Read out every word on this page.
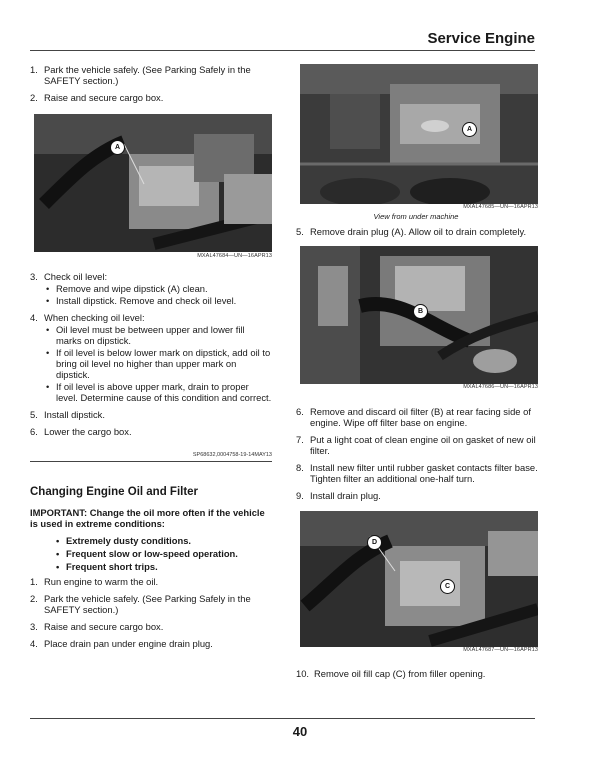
Service Engine
1. Park the vehicle safely. (See Parking Safely in the SAFETY section.)
2. Raise and secure cargo box.
A
MXAL47684—UN—16APR13
3. Check oil level:
• Remove and wipe dipstick (A) clean.
• Install dipstick. Remove and check oil level.
4. When checking oil level:
• Oil level must be between upper and lower fill marks on dipstick.
• If oil level is below lower mark on dipstick, add oil to bring oil level no higher than upper mark on dipstick.
• If oil level is above upper mark, drain to proper level. Determine cause of this condition and correct.
5. Install dipstick.
6. Lower the cargo box.
SP68632,0004758-19-14MAY13
Changing Engine Oil and Filter
IMPORTANT: Change the oil more often if the vehicle is used in extreme conditions:
• Extremely dusty conditions.
• Frequent slow or low-speed operation.
• Frequent short trips.
1. Run engine to warm the oil.
2. Park the vehicle safely. (See Parking Safely in the SAFETY section.)
3. Raise and secure cargo box.
4. Place drain pan under engine drain plug.
A
MXAL47685—UN—16APR13
View from under machine
5. Remove drain plug (A). Allow oil to drain completely.
B
MXAL47686—UN—16APR13
6. Remove and discard oil filter (B) at rear facing side of engine. Wipe off filter base on engine.
7. Put a light coat of clean engine oil on gasket of new oil filter.
8. Install new filter until rubber gasket contacts filter base. Tighten filter an additional one-half turn.
9. Install drain plug.
D
C
MXAL47687—UN—16APR13
10. Remove oil fill cap (C) from filler opening.
40
